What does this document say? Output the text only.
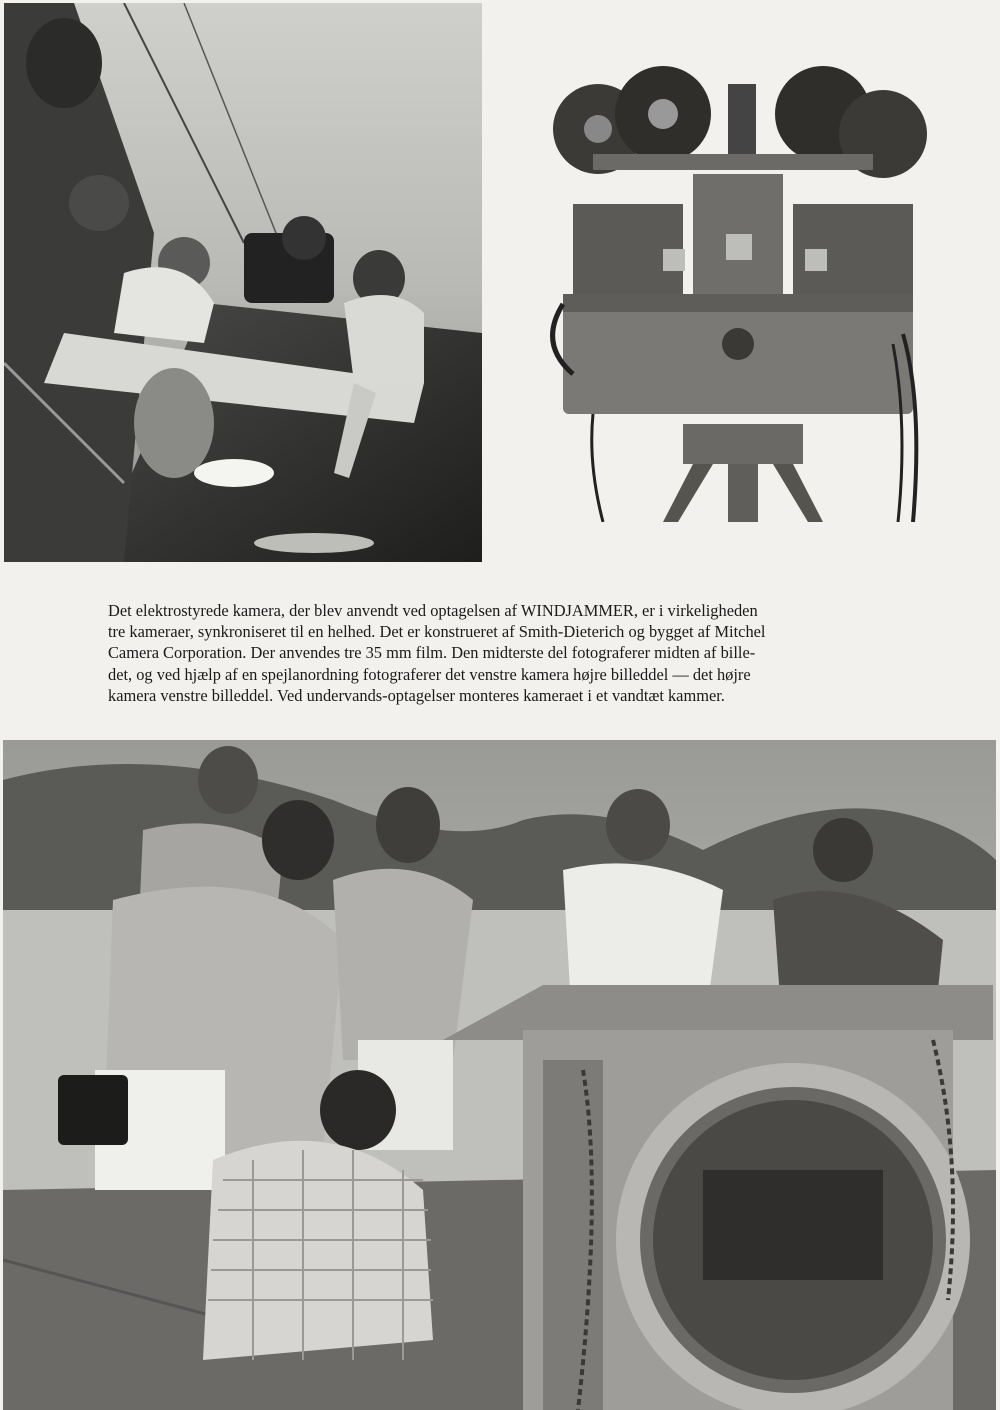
Det elektrostyrede kamera, der blev anvendt ved optagelsen af WINDJAMMER, er i virkeligheden
tre kameraer, synkroniseret til en helhed. Det er konstrueret af Smith-Dieterich og bygget af Mitchel
Camera Corporation. Der anvendes tre 35 mm film. Den midterste del fotograferer midten af bille-
det, og ved hjælp af en spejlanordning fotograferer det venstre kamera højre billeddel — det højre
kamera venstre billeddel. Ved undervands-optagelser monteres kameraet i et vandtæt kammer.
